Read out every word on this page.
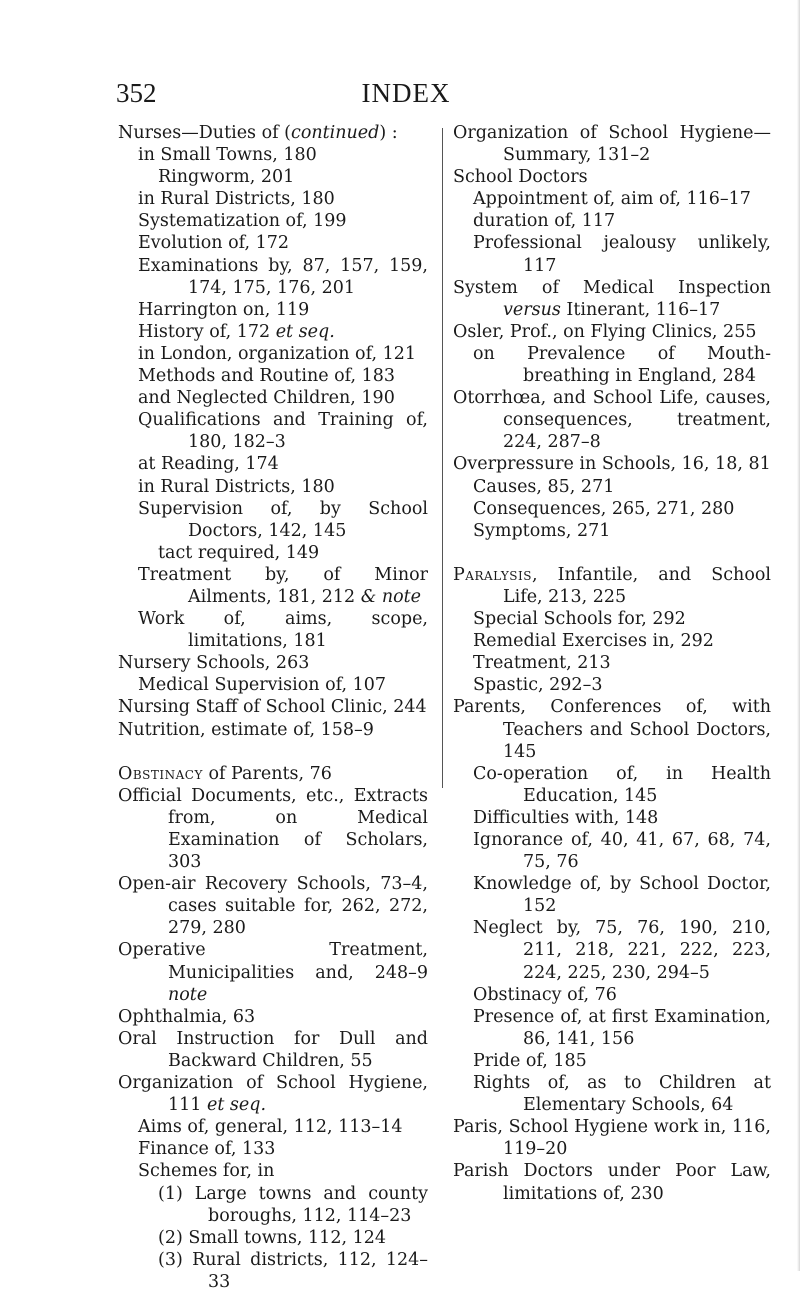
352	INDEX
Nurses—Duties of (continued) :
in Small Towns, 180
Ringworm, 201
in Rural Districts, 180
Systematization of, 199
Evolution of, 172
Examinations by, 87, 157, 159, 174, 175, 176, 201
Harrington on, 119
History of, 172 et seq.
in London, organization of, 121
Methods and Routine of, 183
and Neglected Children, 190
Qualifications and Training of, 180, 182–3
at Reading, 174
in Rural Districts, 180
Supervision of, by School Doctors, 142, 145
tact required, 149
Treatment by, of Minor Ailments, 181, 212 & note
Work of, aims, scope, limitations, 181
Nursery Schools, 263
Medical Supervision of, 107
Nursing Staff of School Clinic, 244
Nutrition, estimate of, 158–9
Obstinacy of Parents, 76
Official Documents, etc., Extracts from, on Medical Examination of Scholars, 303
Open-air Recovery Schools, 73–4, cases suitable for, 262, 272, 279, 280
Operative Treatment, Municipalities and, 248–9 note
Ophthalmia, 63
Oral Instruction for Dull and Backward Children, 55
Organization of School Hygiene, 111 et seq.
Aims of, general, 112, 113–14
Finance of, 133
Schemes for, in
(1) Large towns and county boroughs, 112, 114–23
(2) Small towns, 112, 124
(3) Rural districts, 112, 124–33
Organization of School Hygiene— Summary, 131–2
School Doctors
Appointment of, aim of, 116–17
duration of, 117
Professional jealousy unlikely, 117
System of Medical Inspection versus Itinerant, 116–17
Osler, Prof., on Flying Clinics, 255
on Prevalence of Mouth-breathing in England, 284
Otorrhœa, and School Life, causes, consequences, treatment, 224, 287–8
Overpressure in Schools, 16, 18, 81
Causes, 85, 271
Consequences, 265, 271, 280
Symptoms, 271
Paralysis, Infantile, and School Life, 213, 225
Special Schools for, 292
Remedial Exercises in, 292
Treatment, 213
Spastic, 292–3
Parents, Conferences of, with Teachers and School Doctors, 145
Co-operation of, in Health Education, 145
Difficulties with, 148
Ignorance of, 40, 41, 67, 68, 74, 75, 76
Knowledge of, by School Doctor, 152
Neglect by, 75, 76, 190, 210, 211, 218, 221, 222, 223, 224, 225, 230, 294–5
Obstinacy of, 76
Presence of, at first Examination, 86, 141, 156
Pride of, 185
Rights of, as to Children at Elementary Schools, 64
Paris, School Hygiene work in, 116, 119–20
Parish Doctors under Poor Law, limitations of, 230
